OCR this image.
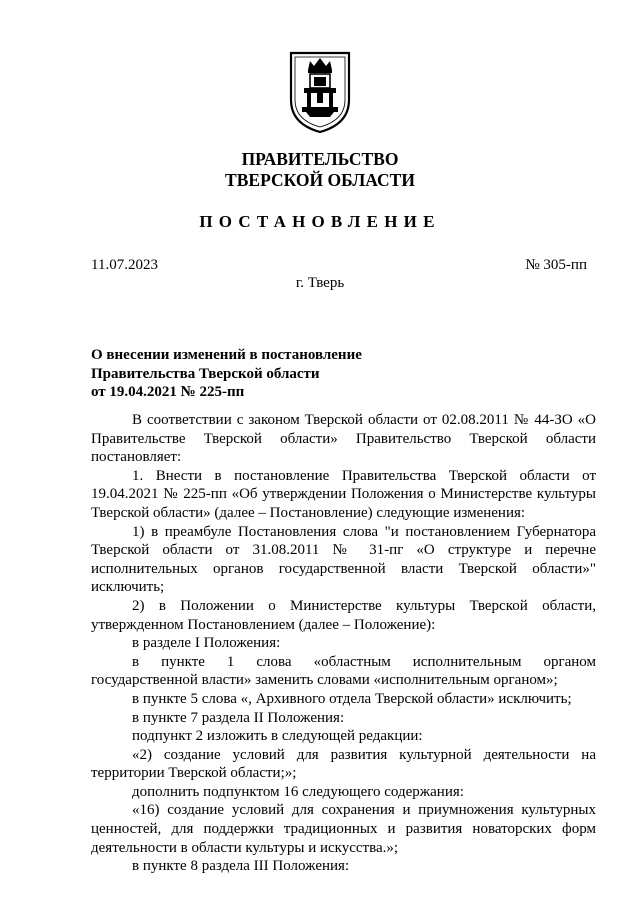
ПРАВИТЕЛЬСТВО
ТВЕРСКОЙ ОБЛАСТИ
ПОСТАНОВЛЕНИЕ
11.07.2023	№ 305-пп
г. Тверь
О внесении изменений в постановление
Правительства Тверской области
от 19.04.2021 № 225-пп

В соответствии с законом Тверской области от 02.08.2011 № 44-ЗО «О Правительстве Тверской области» Правительство Тверской области постановляет:

1. Внести в постановление Правительства Тверской области от 19.04.2021 № 225-пп «Об утверждении Положения о Министерстве культуры Тверской области» (далее – Постановление) следующие изменения:

1) в преамбуле Постановления слова "и постановлением Губернатора Тверской области от 31.08.2011 № 31-пг «О структуре и перечне исполнительных органов государственной власти Тверской области»" исключить;

2) в Положении о Министерстве культуры Тверской области, утвержденном Постановлением (далее – Положение):

в разделе I Положения:

в пункте 1 слова «областным исполнительным органом государственной власти» заменить словами «исполнительным органом»;

в пункте 5 слова «, Архивного отдела Тверской области» исключить;

в пункте 7 раздела II Положения:

подпункт 2 изложить в следующей редакции:

«2) создание условий для развития культурной деятельности на территории Тверской области;»;

дополнить подпунктом 16 следующего содержания:

«16) создание условий для сохранения и приумножения культурных ценностей, для поддержки традиционных и развития новаторских форм деятельности в области культуры и искусства.»;

в пункте 8 раздела III Положения:
